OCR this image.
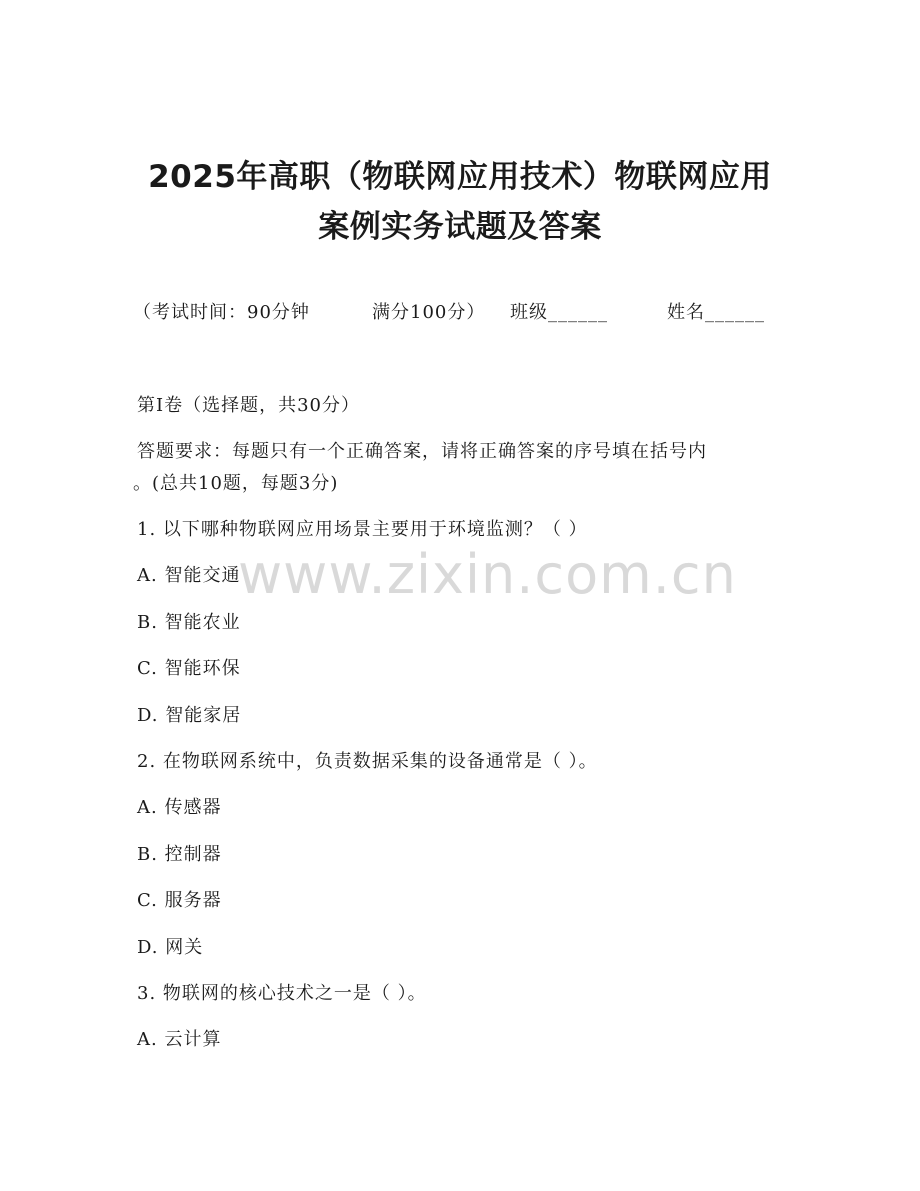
2025年高职（物联网应用技术）物联网应用
案例实务试题及答案
（考试时间：90分钟	满分100分） 班级______	姓名______
第I卷（选择题，共30分）
答题要求：每题只有一个正确答案，请将正确答案的序号填在括号内
。(总共10题，每题3分)
1. 以下哪种物联网应用场景主要用于环境监测？（ ）
A. 智能交通
B. 智能农业
C. 智能环保
D. 智能家居
2. 在物联网系统中，负责数据采集的设备通常是（ ）。
A. 传感器
B. 控制器
C. 服务器
D. 网关
3. 物联网的核心技术之一是（ ）。
A. 云计算
www.zixin.com.cn
